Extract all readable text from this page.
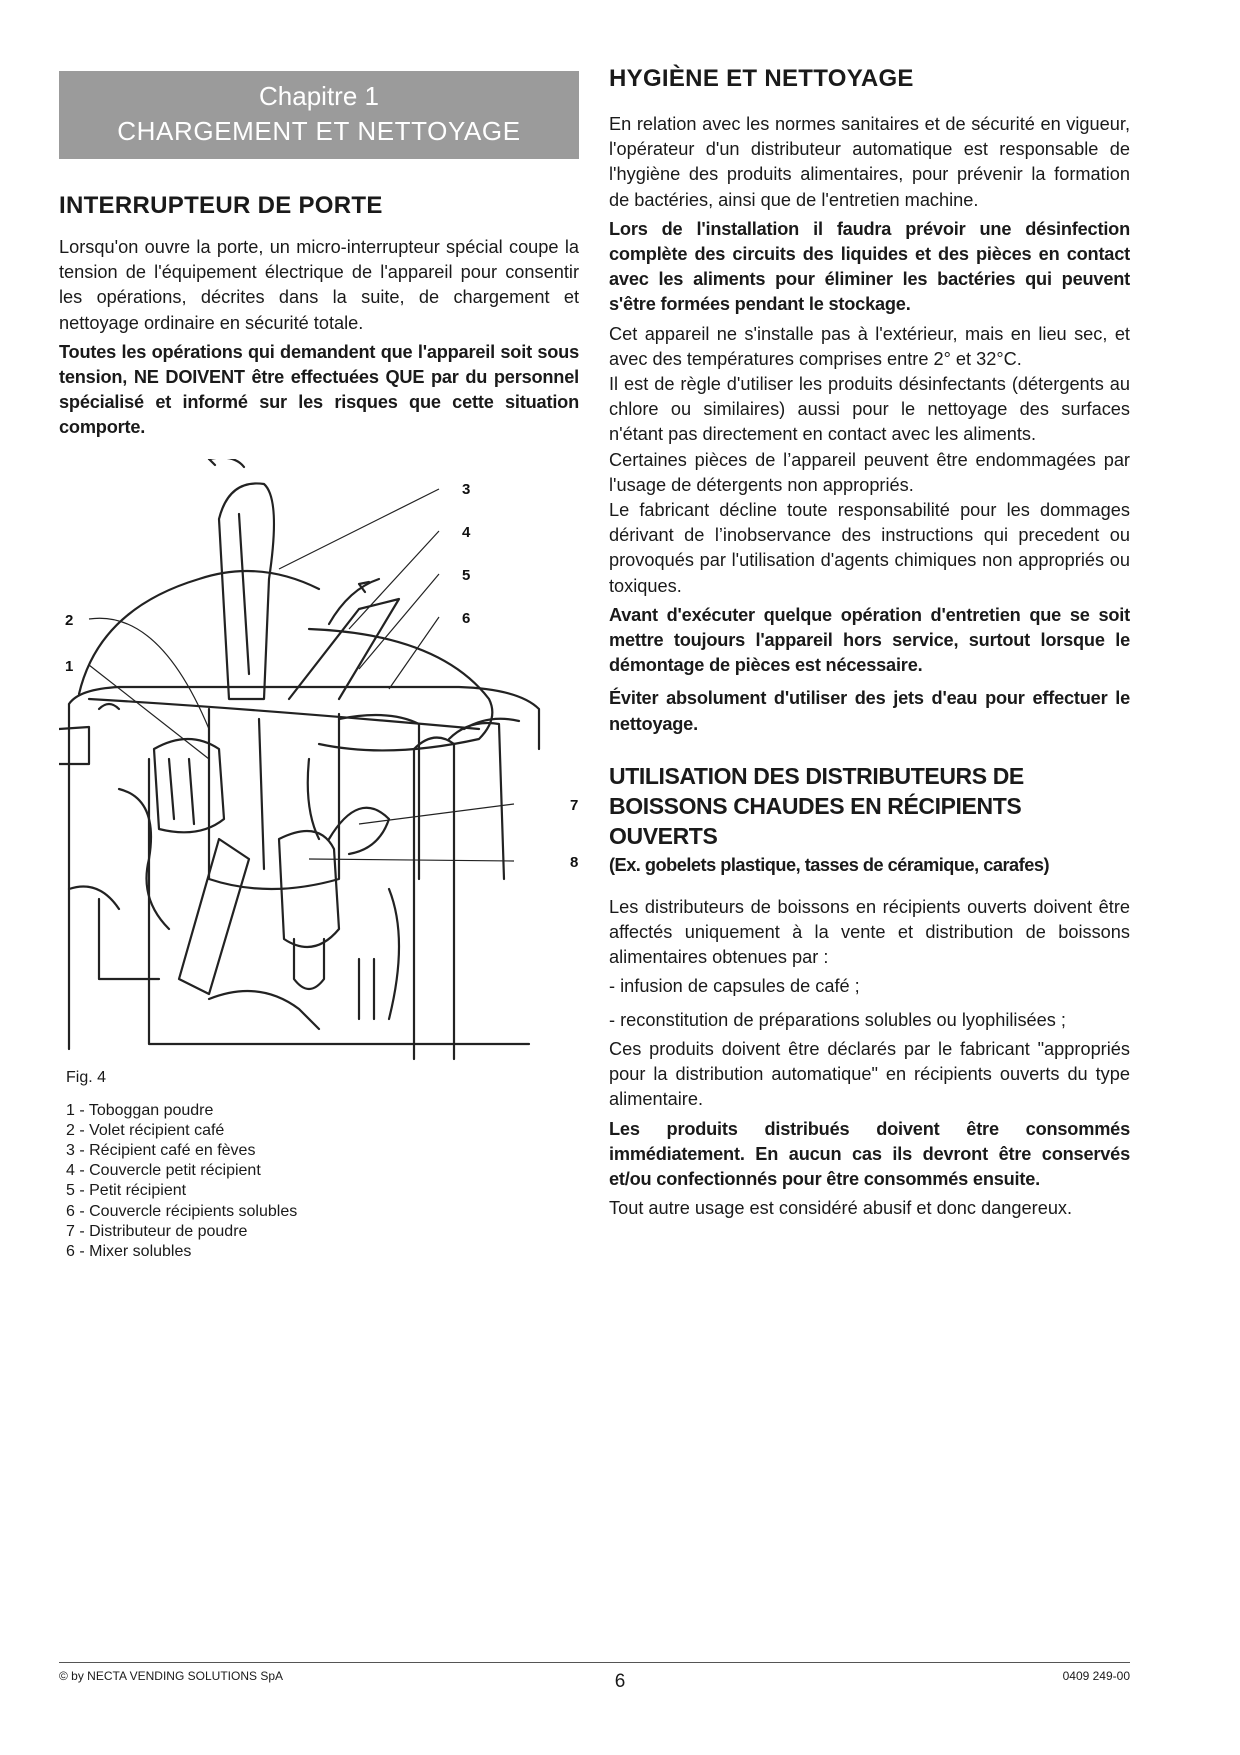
Chapitre 1
CHARGEMENT ET NETTOYAGE
INTERRUPTEUR DE PORTE

Lorsqu'on ouvre la porte, un micro-interrupteur spécial coupe la tension de l'équipement électrique de l'appareil pour consentir les opérations, décrites dans la suite, de chargement et nettoyage ordinaire en sécurité totale.

Toutes les opérations qui demandent que l'appareil soit sous tension, NE DOIVENT être effectuées QUE par du personnel spécialisé et informé sur les risques que cette situation comporte.

3
4
5
6
2
1
7
8
Fig. 4
1 - Toboggan poudre
2 - Volet récipient café
3 - Récipient café en fèves
4 - Couvercle petit récipient
5 - Petit récipient
6 - Couvercle récipients solubles
7 - Distributeur de poudre
6 - Mixer solubles
HYGIÈNE ET NETTOYAGE

En relation avec les normes sanitaires et de sécurité en vigueur, l'opérateur d'un distributeur automatique est responsable de l'hygiène des produits alimentaires, pour prévenir la formation de bactéries, ainsi que de l'entretien machine.

Lors de l'installation il faudra prévoir une désinfection complète des circuits des liquides et des pièces en contact avec les aliments pour éliminer les bactéries qui peuvent s'être formées pendant le stockage.

Cet appareil ne s'installe pas à l'extérieur, mais en lieu sec, et avec des températures comprises entre 2° et 32°C.

Il est de règle d'utiliser les produits désinfectants (détergents au chlore ou similaires) aussi pour le nettoyage des surfaces n'étant pas directement en contact avec les aliments.

Certaines pièces de l’appareil peuvent être endommagées par l'usage de détergents non appropriés.

Le fabricant décline toute responsabilité pour les dommages dérivant de l’inobservance des instructions qui precedent ou provoqués par l'utilisation d'agents chimiques non appropriés ou toxiques.

Avant d'exécuter quelque opération d'entretien que se soit mettre toujours l'appareil hors service, surtout lorsque le démontage de pièces est nécessaire.

Éviter absolument d'utiliser des jets d'eau pour effectuer le nettoyage.

UTILISATION DES DISTRIBUTEURS DE BOISSONS CHAUDES EN RÉCIPIENTS OUVERTS
(Ex. gobelets plastique, tasses de céramique, carafes)

Les distributeurs de boissons en récipients ouverts doivent être affectés uniquement à la vente et distribution de boissons alimentaires obtenues par :

- infusion de capsules de café ;

- reconstitution de préparations solubles ou lyophilisées ;

Ces produits doivent être déclarés par le fabricant "appropriés pour la distribution automatique" en récipients ouverts du type alimentaire.

Les produits distribués doivent être consommés immédiatement. En aucun cas ils devront être conservés et/ou confectionnés pour être consommés ensuite.

Tout autre usage est considéré abusif et donc dangereux.

© by NECTA VENDING SOLUTIONS SpA	6	0409 249-00
